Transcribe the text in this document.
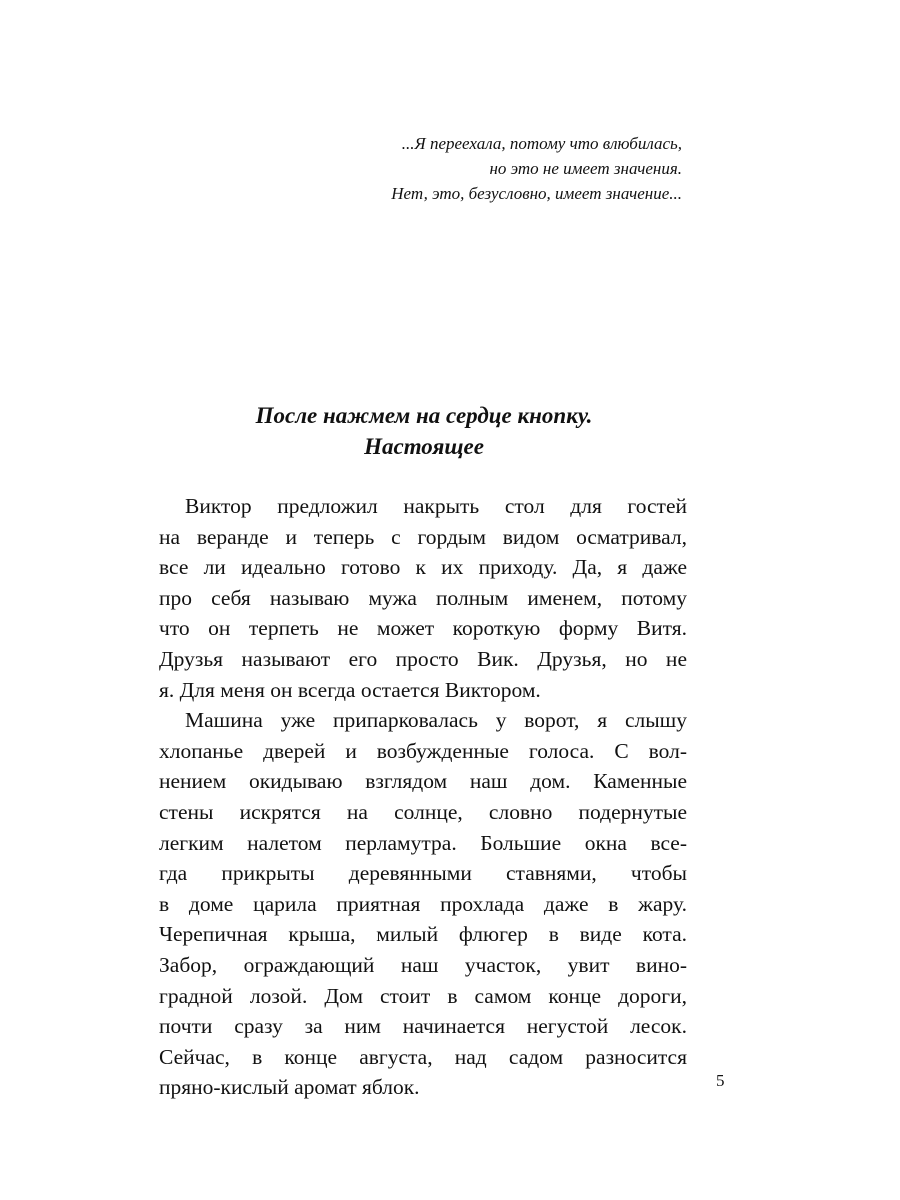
...Я переехала, потому что влюбилась,
но это не имеет значения.
Нет, это, безусловно, имеет значение...
После нажмем на сердце кнопку.
Настоящее
Виктор предложил накрыть стол для гостей
на веранде и теперь с гордым видом осматривал,
все ли идеально готово к их приходу. Да, я даже
про себя называю мужа полным именем, потому
что он терпеть не может короткую форму Витя.
Друзья называют его просто Вик. Друзья, но не
я. Для меня он всегда остается Виктором.
Машина уже припарковалась у ворот, я слышу
хлопанье дверей и возбужденные голоса. С вол-
нением окидываю взглядом наш дом. Каменные
стены искрятся на солнце, словно подернутые
легким налетом перламутра. Большие окна все-
гда прикрыты деревянными ставнями, чтобы
в доме царила приятная прохлада даже в жару.
Черепичная крыша, милый флюгер в виде кота.
Забор, ограждающий наш участок, увит вино-
градной лозой. Дом стоит в самом конце дороги,
почти сразу за ним начинается негустой лесок.
Сейчас, в конце августа, над садом разносится
пряно-кислый аромат яблок.	5
